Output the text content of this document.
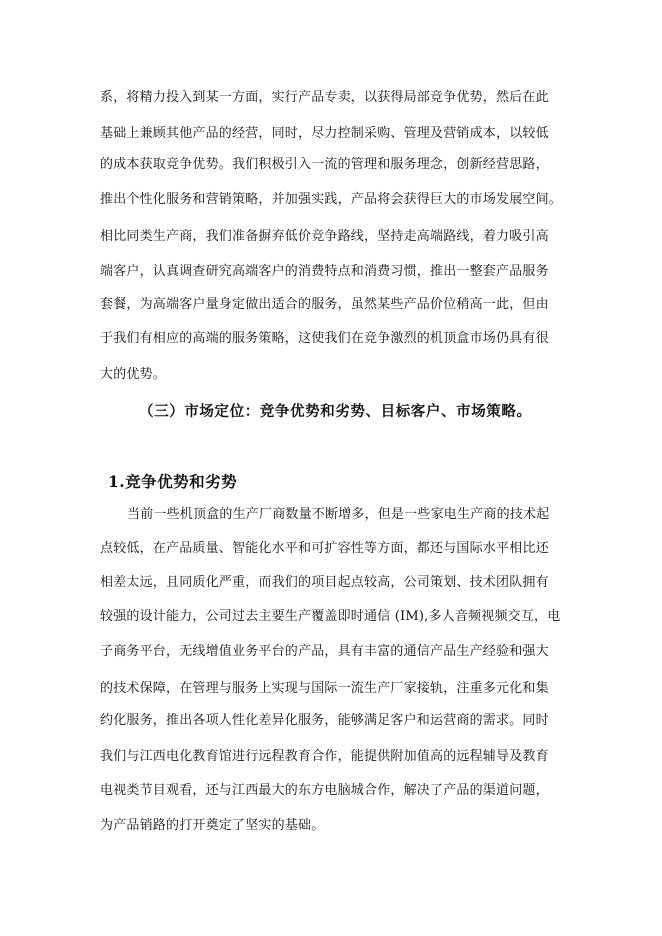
系，将精力投入到某一方面，实行产品专卖，以获得局部竞争优势，然后在此
基础上兼顾其他产品的经营，同时，尽力控制采购、管理及营销成本，以较低
的成本获取竞争优势。我们积极引入一流的管理和服务理念，创新经营思路，
推出个性化服务和营销策略，并加强实践，产品将会获得巨大的市场发展空间。
相比同类生产商，我们准备摒弃低价竞争路线，坚持走高端路线，着力吸引高
端客户，认真调查研究高端客户的消费特点和消费习惯，推出一整套产品服务
套餐，为高端客户量身定做出适合的服务，虽然某些产品价位稍高一此，但由
于我们有相应的高端的服务策略，这使我们在竞争激烈的机顶盒市场仍具有很
大的优势。
（三）市场定位：竞争优势和劣势、目标客户、市场策略。
1.竞争优势和劣势
当前一些机顶盒的生产厂商数量不断增多，但是一些家电生产商的技术起
点较低，在产品质量、智能化水平和可扩容性等方面，都还与国际水平相比还
相差太远，且同质化严重，而我们的项目起点较高，公司策划、技术团队拥有
较强的设计能力，公司过去主要生产覆盖即时通信 (IM),多人音频视频交互，电
子商务平台，无线增值业务平台的产品，具有丰富的通信产品生产经验和强大
的技术保障，在管理与服务上实现与国际一流生产厂家接轨，注重多元化和集
约化服务，推出各项人性化差异化服务，能够满足客户和运营商的需求。同时
我们与江西电化教育馆进行远程教育合作，能提供附加值高的远程辅导及教育
电视类节目观看，还与江西最大的东方电脑城合作，解决了产品的渠道问题，
为产品销路的打开奠定了坚实的基础。
